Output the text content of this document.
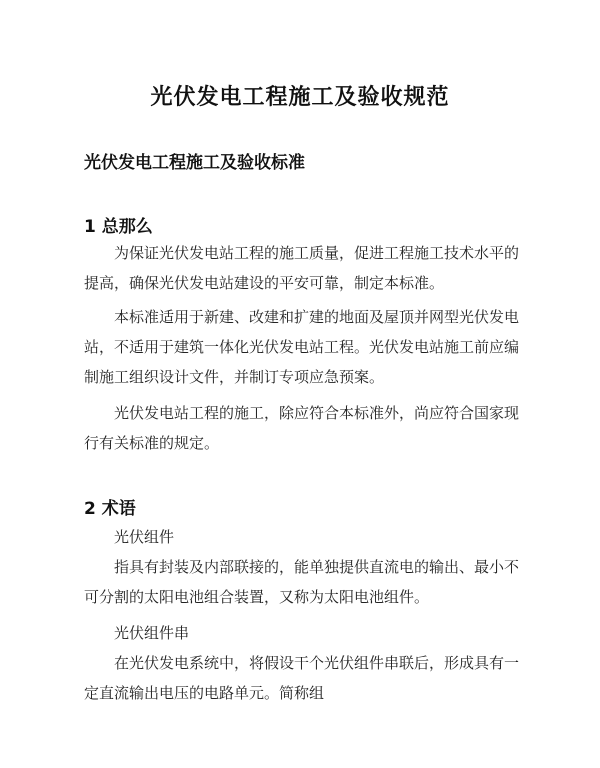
光伏发电工程施工及验收规范
光伏发电工程施工及验收标准
1 总那么
为保证光伏发电站工程的施工质量，促进工程施工技术水平的提高，确保光伏发电站建设的平安可靠，制定本标准。
本标准适用于新建、改建和扩建的地面及屋顶并网型光伏发电站，不适用于建筑一体化光伏发电站工程。光伏发电站施工前应编制施工组织设计文件，并制订专项应急预案。
光伏发电站工程的施工，除应符合本标准外，尚应符合国家现行有关标准的规定。
2 术语
光伏组件
指具有封装及内部联接的，能单独提供直流电的输出、最小不可分割的太阳电池组合装置，又称为太阳电池组件。
光伏组件串
在光伏发电系统中，将假设干个光伏组件串联后，形成具有一定直流输出电压的电路单元。简称组
